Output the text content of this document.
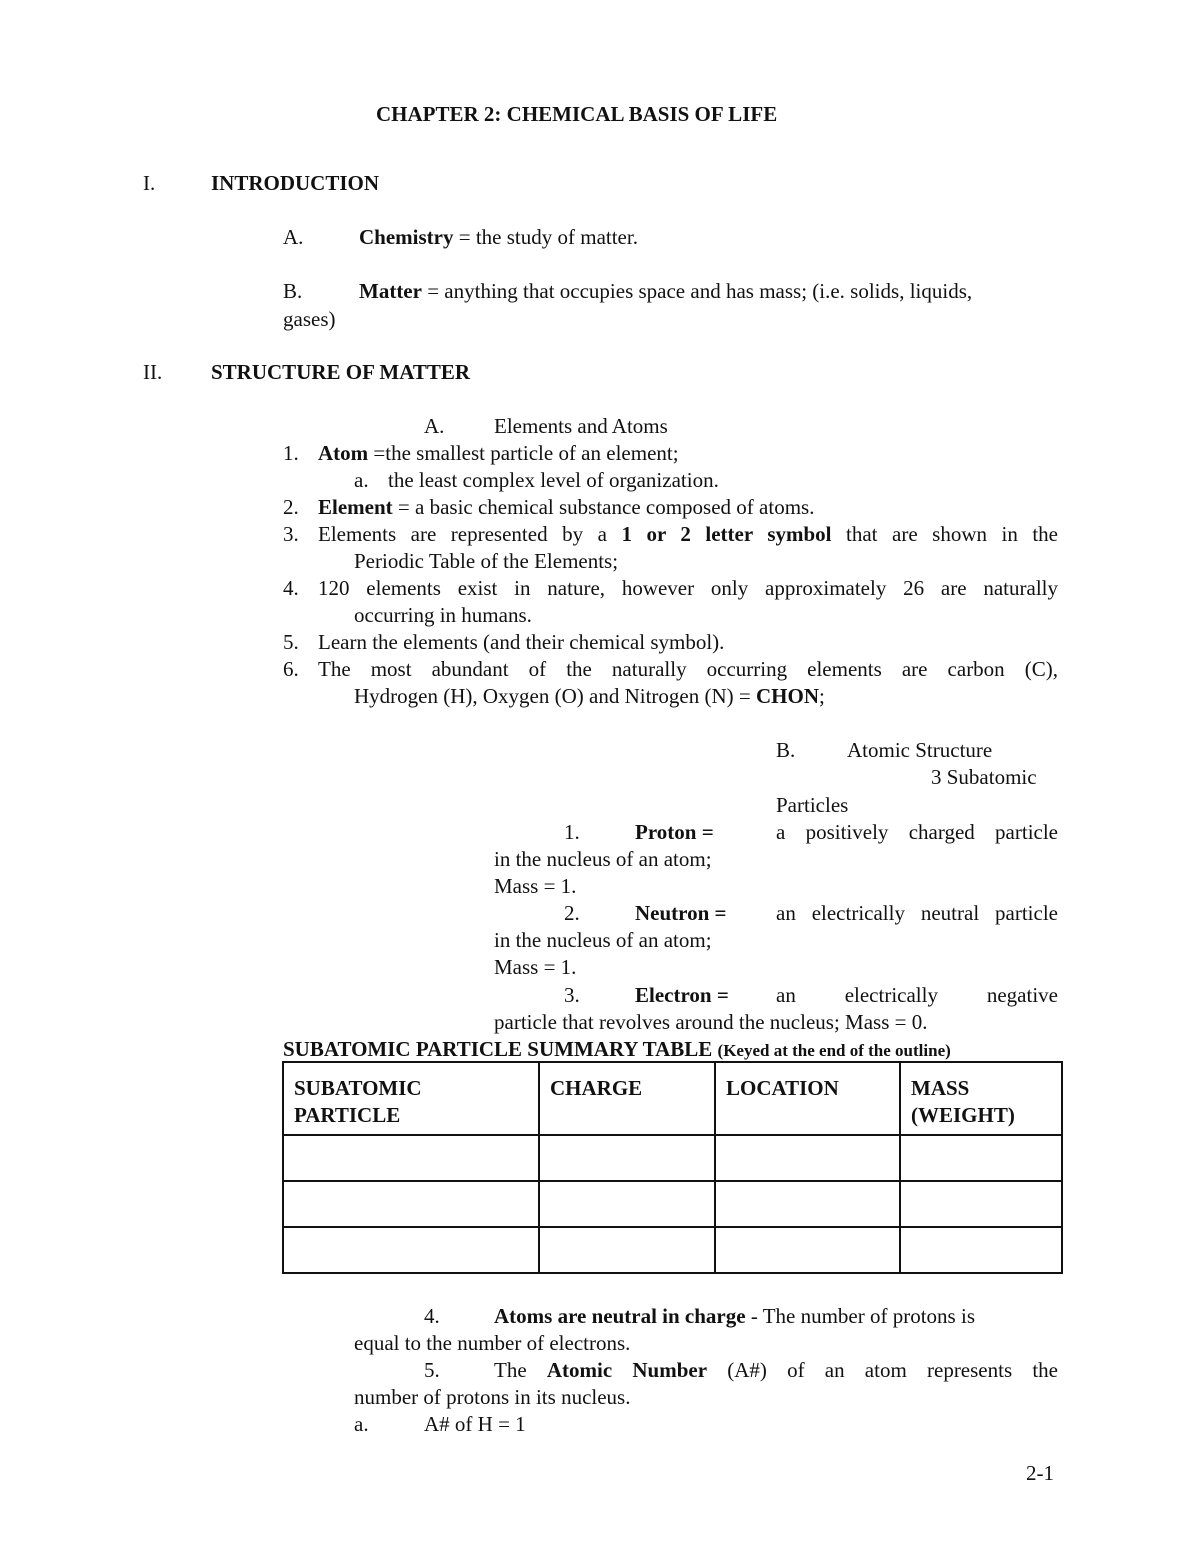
CHAPTER 2: CHEMICAL BASIS OF LIFE
I.	INTRODUCTION
A.	Chemistry = the study of matter.
B.	Matter = anything that occupies space and has mass; (i.e. solids, liquids,
gases)
II. STRUCTURE OF MATTER
A. Elements and Atoms
1. Atom =the smallest particle of an element;
a. the least complex level of organization.
2. Element = a basic chemical substance composed of atoms.
3. Elements are represented by a 1 or 2 letter symbol that are shown in the
Periodic Table of the Elements;
4. 120 elements exist in nature, however only approximately 26 are naturally
occurring in humans.
5. Learn the elements (and their chemical symbol).
6. The most abundant of the naturally occurring elements are carbon (C),
Hydrogen (H), Oxygen (O) and Nitrogen (N) = CHON;
B. Atomic Structure
3 Subatomic
Particles
1.	Proton =	a positively charged particle
in the nucleus of an atom;
Mass = 1.
2.	Neutron = an electrically neutral particle
in the nucleus of an atom;
Mass = 1.
3.	Electron = an electrically negative
particle that revolves around the nucleus; Mass = 0.
SUBATOMIC PARTICLE SUMMARY TABLE (Keyed at the end of the outline)
SUBATOMIC PARTICLE	CHARGE	LOCATION	MASS (WEIGHT)

4.	Atoms are neutral in charge - The number of protons is
equal to the number of electrons.
5.	The Atomic Number (A#) of an atom represents the
number of protons in its nucleus.
a.	A# of H = 1
2-1
